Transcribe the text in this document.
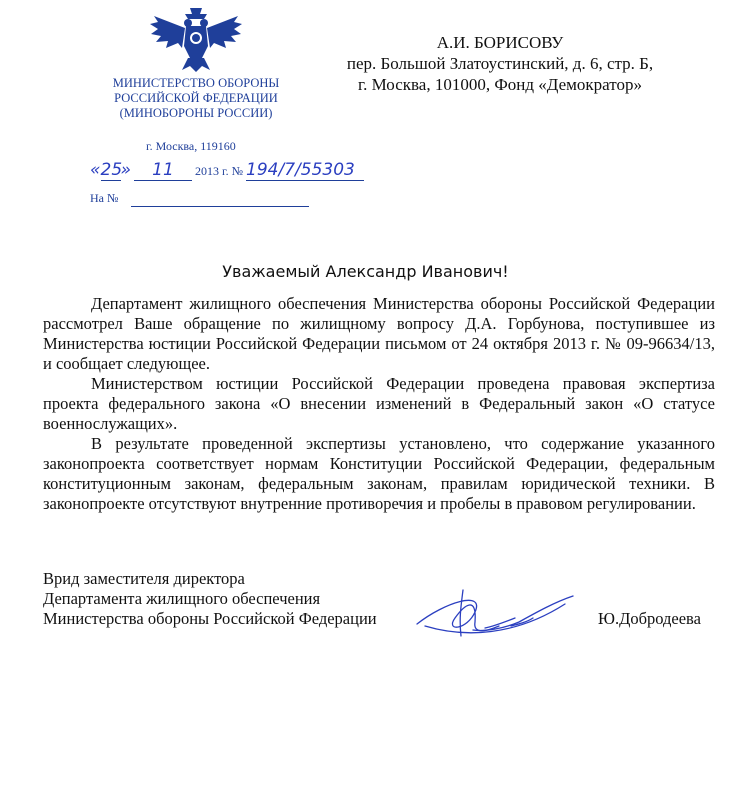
МИНИСТЕРСТВО ОБОРОНЫ
РОССИЙСКОЙ ФЕДЕРАЦИИ
(МИНОБОРОНЫ РОССИИ)
г. Москва, 119160
«25» 11 2013 г. № 194/7/55303
На №
А.И. БОРИСОВУ
пер. Большой Златоустинский, д. 6, стр. Б,
г. Москва, 101000, Фонд «Демократор»
Уважаемый Александр Иванович!

Департамент жилищного обеспечения Министерства обороны Российской Федерации рассмотрел Ваше обращение по жилищному вопросу Д.А. Горбунова, поступившее из Министерства юстиции Российской Федерации письмом от 24 октября 2013 г. № 09-96634/13, и сообщает следующее.

Министерством юстиции Российской Федерации проведена правовая экспертиза проекта федерального закона «О внесении изменений в Федеральный закон «О статусе военнослужащих».

В результате проведенной экспертизы установлено, что содержание указанного законопроекта соответствует нормам Конституции Российской Федерации, федеральным конституционным законам, федеральным законам, правилам юридической техники. В законопроекте отсутствуют внутренние противоречия и пробелы в правовом регулировании.

Врид заместителя директора
Департамента жилищного обеспечения
Министерства обороны Российской Федерации	Ю.Добродеева
